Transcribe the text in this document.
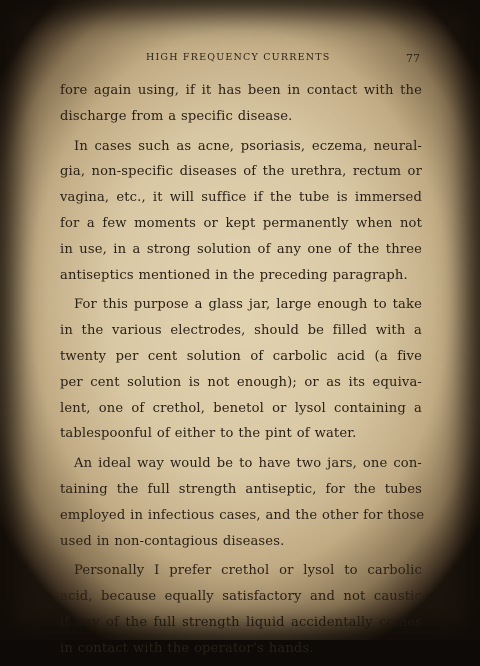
HIGH FREQUENCY CURRENTS	77
fore again using, if it has been in contact with the
discharge from a specific disease.
In cases such as acne, psoriasis, eczema, neural-
gia, non-specific diseases of the urethra, rectum or
vagina, etc., it will suffice if the tube is immersed
for a few moments or kept permanently when not
in use, in a strong solution of any one of the three
antiseptics mentioned in the preceding paragraph.
For this purpose a glass jar, large enough to take
in the various electrodes, should be filled with a
twenty per cent solution of carbolic acid (a five
per cent solution is not enough); or as its equiva-
lent, one of crethol, benetol or lysol containing a
tablespoonful of either to the pint of water.
An ideal way would be to have two jars, one con-
taining the full strength antiseptic, for the tubes
employed in infectious cases, and the other for those
used in non-contagious diseases.
Personally I prefer crethol or lysol to carbolic
acid, because equally satisfactory and not caustic
if any of the full strength liquid accidentally comes
in contact with the operator’s hands.
